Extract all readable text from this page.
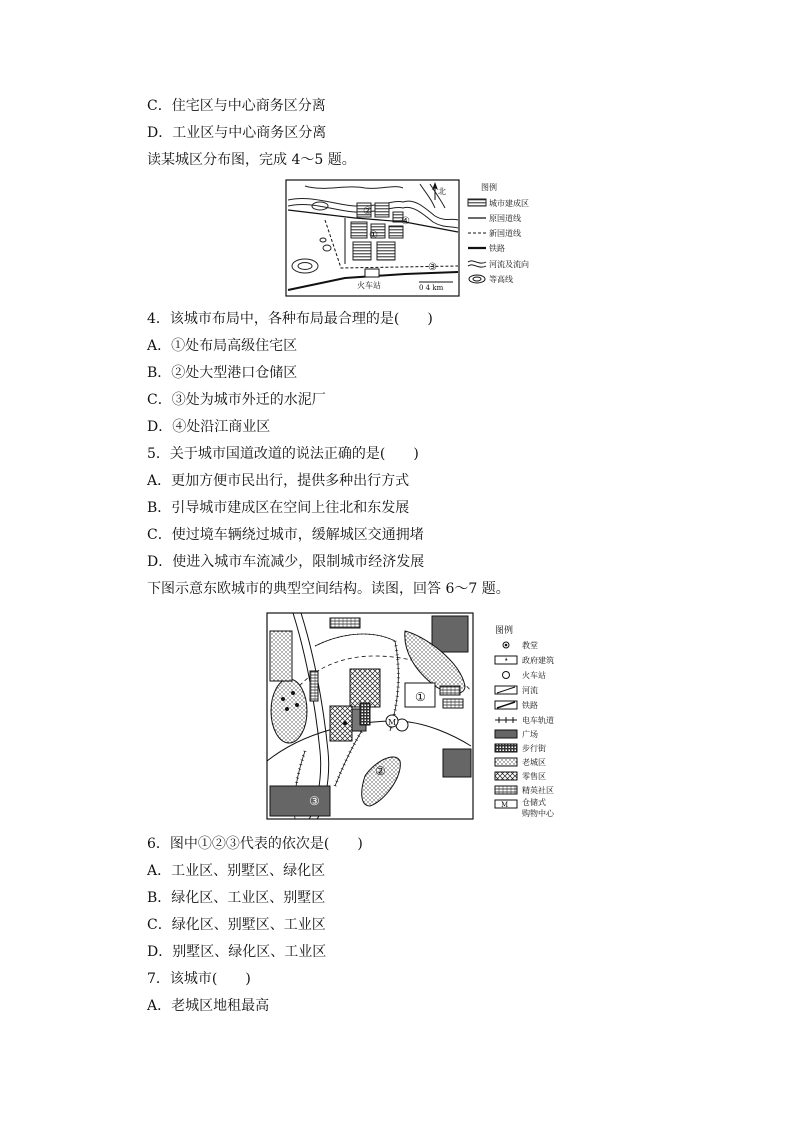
C．住宅区与中心商务区分离
D．工业区与中心商务区分离
读某城区分布图，完成 4～5 题。
北
②
①
④
③
火车站	0 4 km
图例
城市建成区
原国道线
新国道线
铁路
河流及流向
等高线
4．该城市布局中，各种布局最合理的是(　　)
A．①处布局高级住宅区
B．②处大型港口仓储区
C．③处为城市外迁的水泥厂
D．④处沿江商业区
5．关于城市国道改道的说法正确的是(　　)
A．更加方便市民出行，提供多种出行方式
B．引导城市建成区在空间上往北和东发展
C．使过境车辆绕过城市，缓解城区交通拥堵
D．使进入城市车流减少，限制城市经济发展
下图示意东欧城市的典型空间结构。读图，回答 6～7 题。
①
②
③
M
图例
教堂
政府建筑
火车站
河流
铁路
电车轨道
广场
步行街
老城区
零售区
精英社区
M 仓储式
购物中心
6．图中①②③代表的依次是(　　)
A．工业区、别墅区、绿化区
B．绿化区、工业区、别墅区
C．绿化区、别墅区、工业区
D．别墅区、绿化区、工业区
7．该城市(　　)
A．老城区地租最高
